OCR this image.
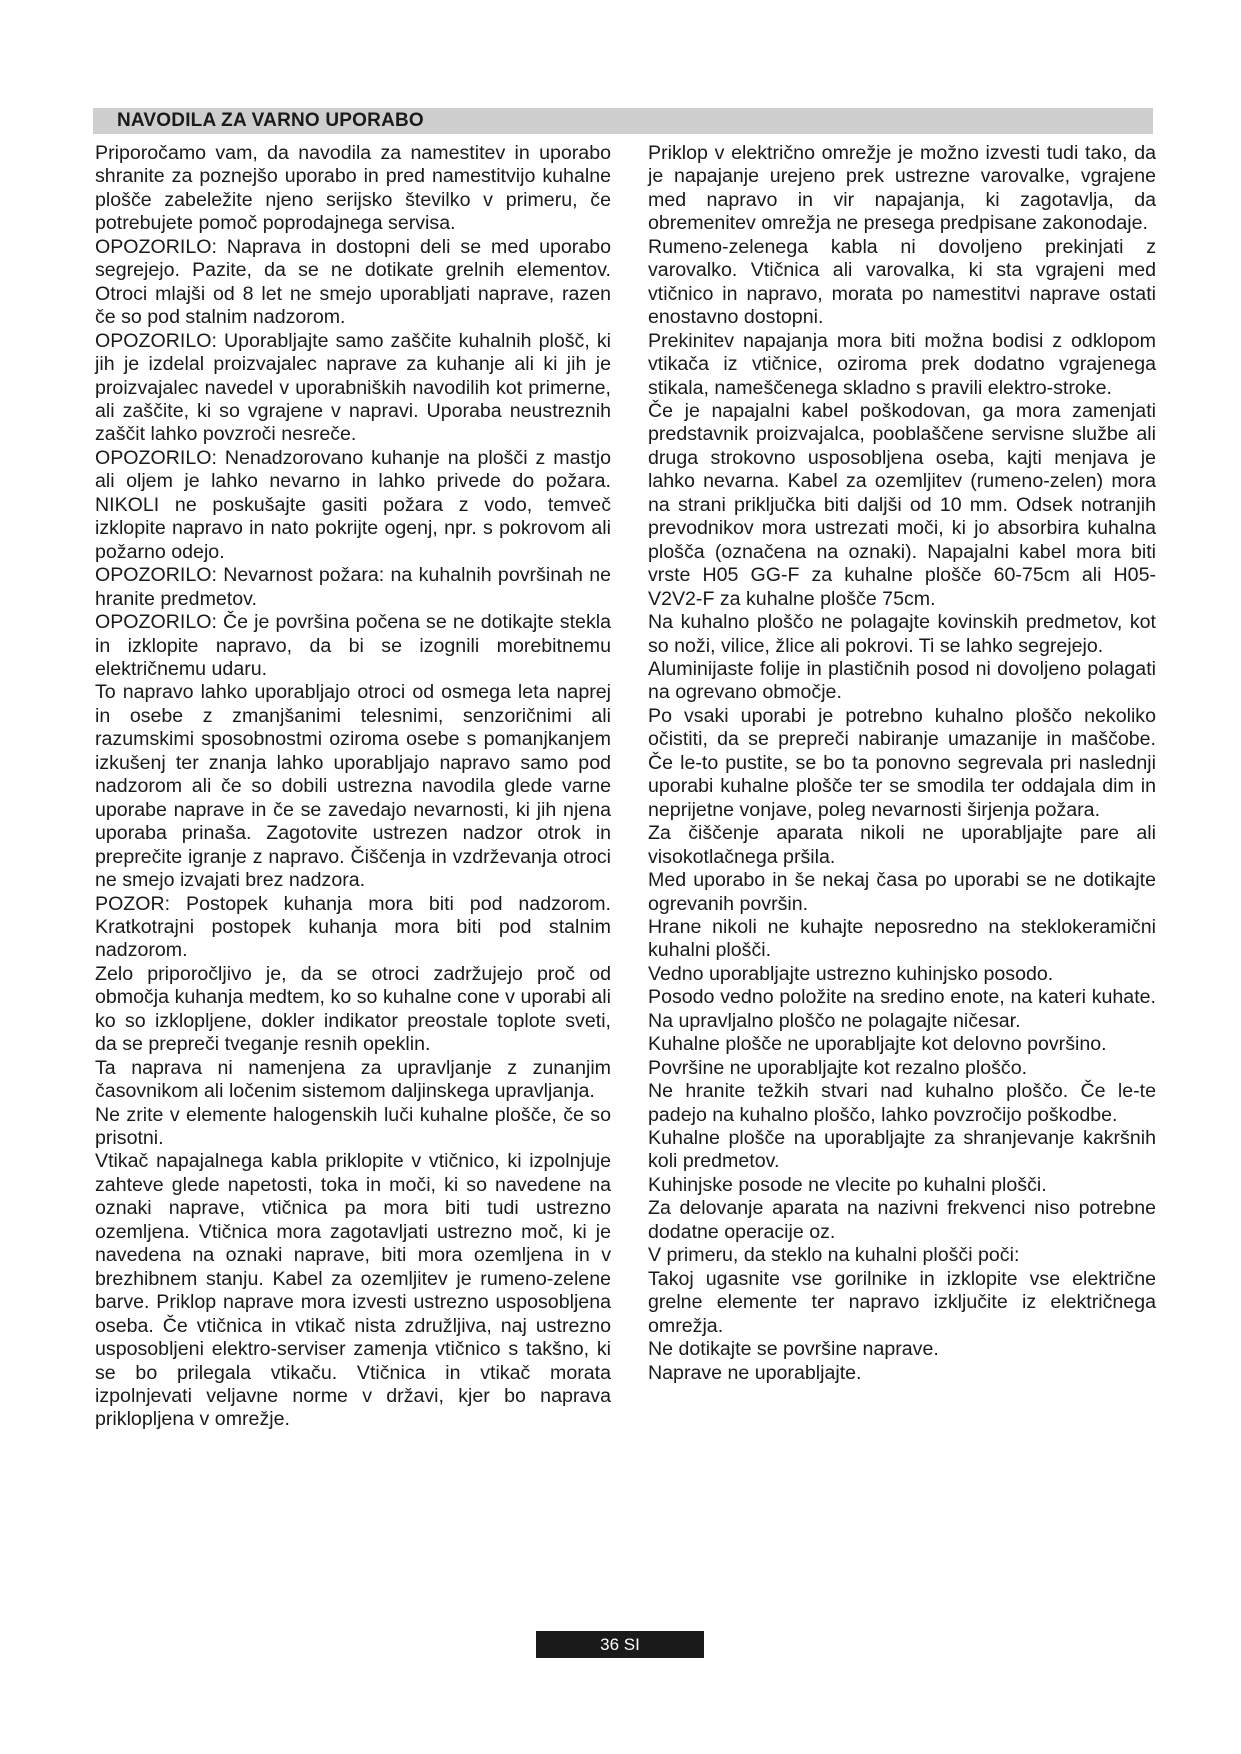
NAVODILA ZA VARNO UPORABO

Priporočamo vam, da navodila za namestitev in uporabo shranite za poznejšo uporabo in pred namestitvijo kuhalne plošče zabeležite njeno serijsko številko v primeru, če potrebujete pomoč poprodajnega servisa.

OPOZORILO: Naprava in dostopni deli se med uporabo segrejejo. Pazite, da se ne dotikate grelnih elementov. Otroci mlajši od 8 let ne smejo uporabljati naprave, razen če so pod stalnim nadzorom.

OPOZORILO: Uporabljajte samo zaščite kuhalnih plošč, ki jih je izdelal proizvajalec naprave za kuhanje ali ki jih je proizvajalec navedel v uporabniških navodilih kot primerne, ali zaščite, ki so vgrajene v napravi. Uporaba neustreznih zaščit lahko povzroči nesreče.

OPOZORILO: Nenadzorovano kuhanje na plošči z mastjo ali oljem je lahko nevarno in lahko privede do požara. NIKOLI ne poskušajte gasiti požara z vodo, temveč izklopite napravo in nato pokrijte ogenj, npr. s pokrovom ali požarno odejo.

OPOZORILO: Nevarnost požara: na kuhalnih površinah ne hranite predmetov.

OPOZORILO: Če je površina počena se ne dotikajte stekla in izklopite napravo, da bi se izognili morebitnemu električnemu udaru.

To napravo lahko uporabljajo otroci od osmega leta naprej in osebe z zmanjšanimi telesnimi, senzoričnimi ali razumskimi sposobnostmi oziroma osebe s pomanjkanjem izkušenj ter znanja lahko uporabljajo napravo samo pod nadzorom ali če so dobili ustrezna navodila glede varne uporabe naprave in če se zavedajo nevarnosti, ki jih njena uporaba prinaša. Zagotovite ustrezen nadzor otrok in preprečite igranje z napravo. Čiščenja in vzdrževanja otroci ne smejo izvajati brez nadzora.

POZOR: Postopek kuhanja mora biti pod nadzorom. Kratkotrajni postopek kuhanja mora biti pod stalnim nadzorom.

Zelo priporočljivo je, da se otroci zadržujejo proč od območja kuhanja medtem, ko so kuhalne cone v uporabi ali ko so izklopljene, dokler indikator preostale toplote sveti, da se prepreči tveganje resnih opeklin.

Ta naprava ni namenjena za upravljanje z zunanjim časovnikom ali ločenim sistemom daljinskega upravljanja.

Ne zrite v elemente halogenskih luči kuhalne plošče, če so prisotni.

Vtikač napajalnega kabla priklopite v vtičnico, ki izpolnjuje zahteve glede napetosti, toka in moči, ki so navedene na oznaki naprave, vtičnica pa mora biti tudi ustrezno ozemljena. Vtičnica mora zagotavljati ustrezno moč, ki je navedena na oznaki naprave, biti mora ozemljena in v brezhibnem stanju. Kabel za ozemljitev je rumeno-zelene barve. Priklop naprave mora izvesti ustrezno usposobljena oseba. Če vtičnica in vtikač nista združljiva, naj ustrezno usposobljeni elektro-serviser zamenja vtičnico s takšno, ki se bo prilegala vtikaču. Vtičnica in vtikač morata izpolnjevati veljavne norme v državi, kjer bo naprava priklopljena v omrežje.

Priklop v električno omrežje je možno izvesti tudi tako, da je napajanje urejeno prek ustrezne varovalke, vgrajene med napravo in vir napajanja, ki zagotavlja, da obremenitev omrežja ne presega predpisane zakonodaje.

Rumeno-zelenega kabla ni dovoljeno prekinjati z varovalko. Vtičnica ali varovalka, ki sta vgrajeni med vtičnico in napravo, morata po namestitvi naprave ostati enostavno dostopni.

Prekinitev napajanja mora biti možna bodisi z odklopom vtikača iz vtičnice, oziroma prek dodatno vgrajenega stikala, nameščenega skladno s pravili elektro-stroke.

Če je napajalni kabel poškodovan, ga mora zamenjati predstavnik proizvajalca, pooblaščene servisne službe ali druga strokovno usposobljena oseba, kajti menjava je lahko nevarna. Kabel za ozemljitev (rumeno-zelen) mora na strani priključka biti daljši od 10 mm. Odsek notranjih prevodnikov mora ustrezati moči, ki jo absorbira kuhalna plošča (označena na oznaki). Napajalni kabel mora biti vrste H05 GG-F za kuhalne plošče 60-75cm ali H05-V2V2-F za kuhalne plošče 75cm.

Na kuhalno ploščo ne polagajte kovinskih predmetov, kot so noži, vilice, žlice ali pokrovi. Ti se lahko segrejejo.

Aluminijaste folije in plastičnih posod ni dovoljeno polagati na ogrevano območje.

Po vsaki uporabi je potrebno kuhalno ploščo nekoliko očistiti, da se prepreči nabiranje umazanije in maščobe. Če le-to pustite, se bo ta ponovno segrevala pri naslednji uporabi kuhalne plošče ter se smodila ter oddajala dim in neprijetne vonjave, poleg nevarnosti širjenja požara.

Za čiščenje aparata nikoli ne uporabljajte pare ali visokotlačnega pršila.

Med uporabo in še nekaj časa po uporabi se ne dotikajte ogrevanih površin.

Hrane nikoli ne kuhajte neposredno na steklokeramični kuhalni plošči.

Vedno uporabljajte ustrezno kuhinjsko posodo.

Posodo vedno položite na sredino enote, na kateri kuhate. Na upravljalno ploščo ne polagajte ničesar.

Kuhalne plošče ne uporabljajte kot delovno površino.

Površine ne uporabljajte kot rezalno ploščo.

Ne hranite težkih stvari nad kuhalno ploščo. Če le-te padejo na kuhalno ploščo, lahko povzročijo poškodbe.

Kuhalne plošče na uporabljajte za shranjevanje kakršnih koli predmetov.

Kuhinjske posode ne vlecite po kuhalni plošči.

Za delovanje aparata na nazivni frekvenci niso potrebne dodatne operacije oz.

V primeru, da steklo na kuhalni plošči poči:

Takoj ugasnite vse gorilnike in izklopite vse električne grelne elemente ter napravo izključite iz električnega omrežja.

Ne dotikajte se površine naprave.

Naprave ne uporabljajte.

36 SI
